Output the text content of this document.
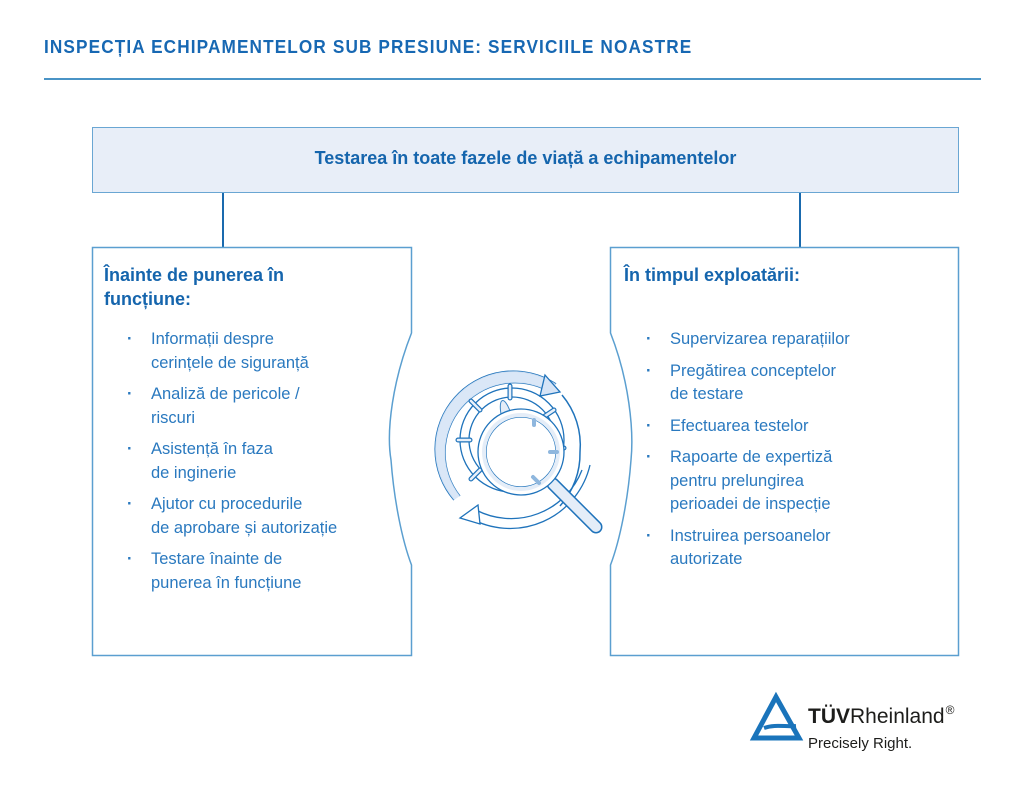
INSPECȚIA ECHIPAMENTELOR SUB PRESIUNE: SERVICIILE NOASTRE
Testarea în toate fazele de viață a echipamentelor
Înainte de punerea în
funcțiune:
· Informații despre
cerințele de siguranță
· Analiză de pericole /
riscuri
· Asistență în faza
de inginerie
· Ajutor cu procedurile
de aprobare și autorizație
· Testare înainte de
punerea în funcțiune
În timpul exploatării:
· Supervizarea reparațiilor
· Pregătirea conceptelor
de testare
· Efectuarea testelor
· Rapoarte de expertiză
pentru prelungirea
perioadei de inspecție
· Instruirea persoanelor
autorizate
TÜVRheinland®
Precisely Right.
